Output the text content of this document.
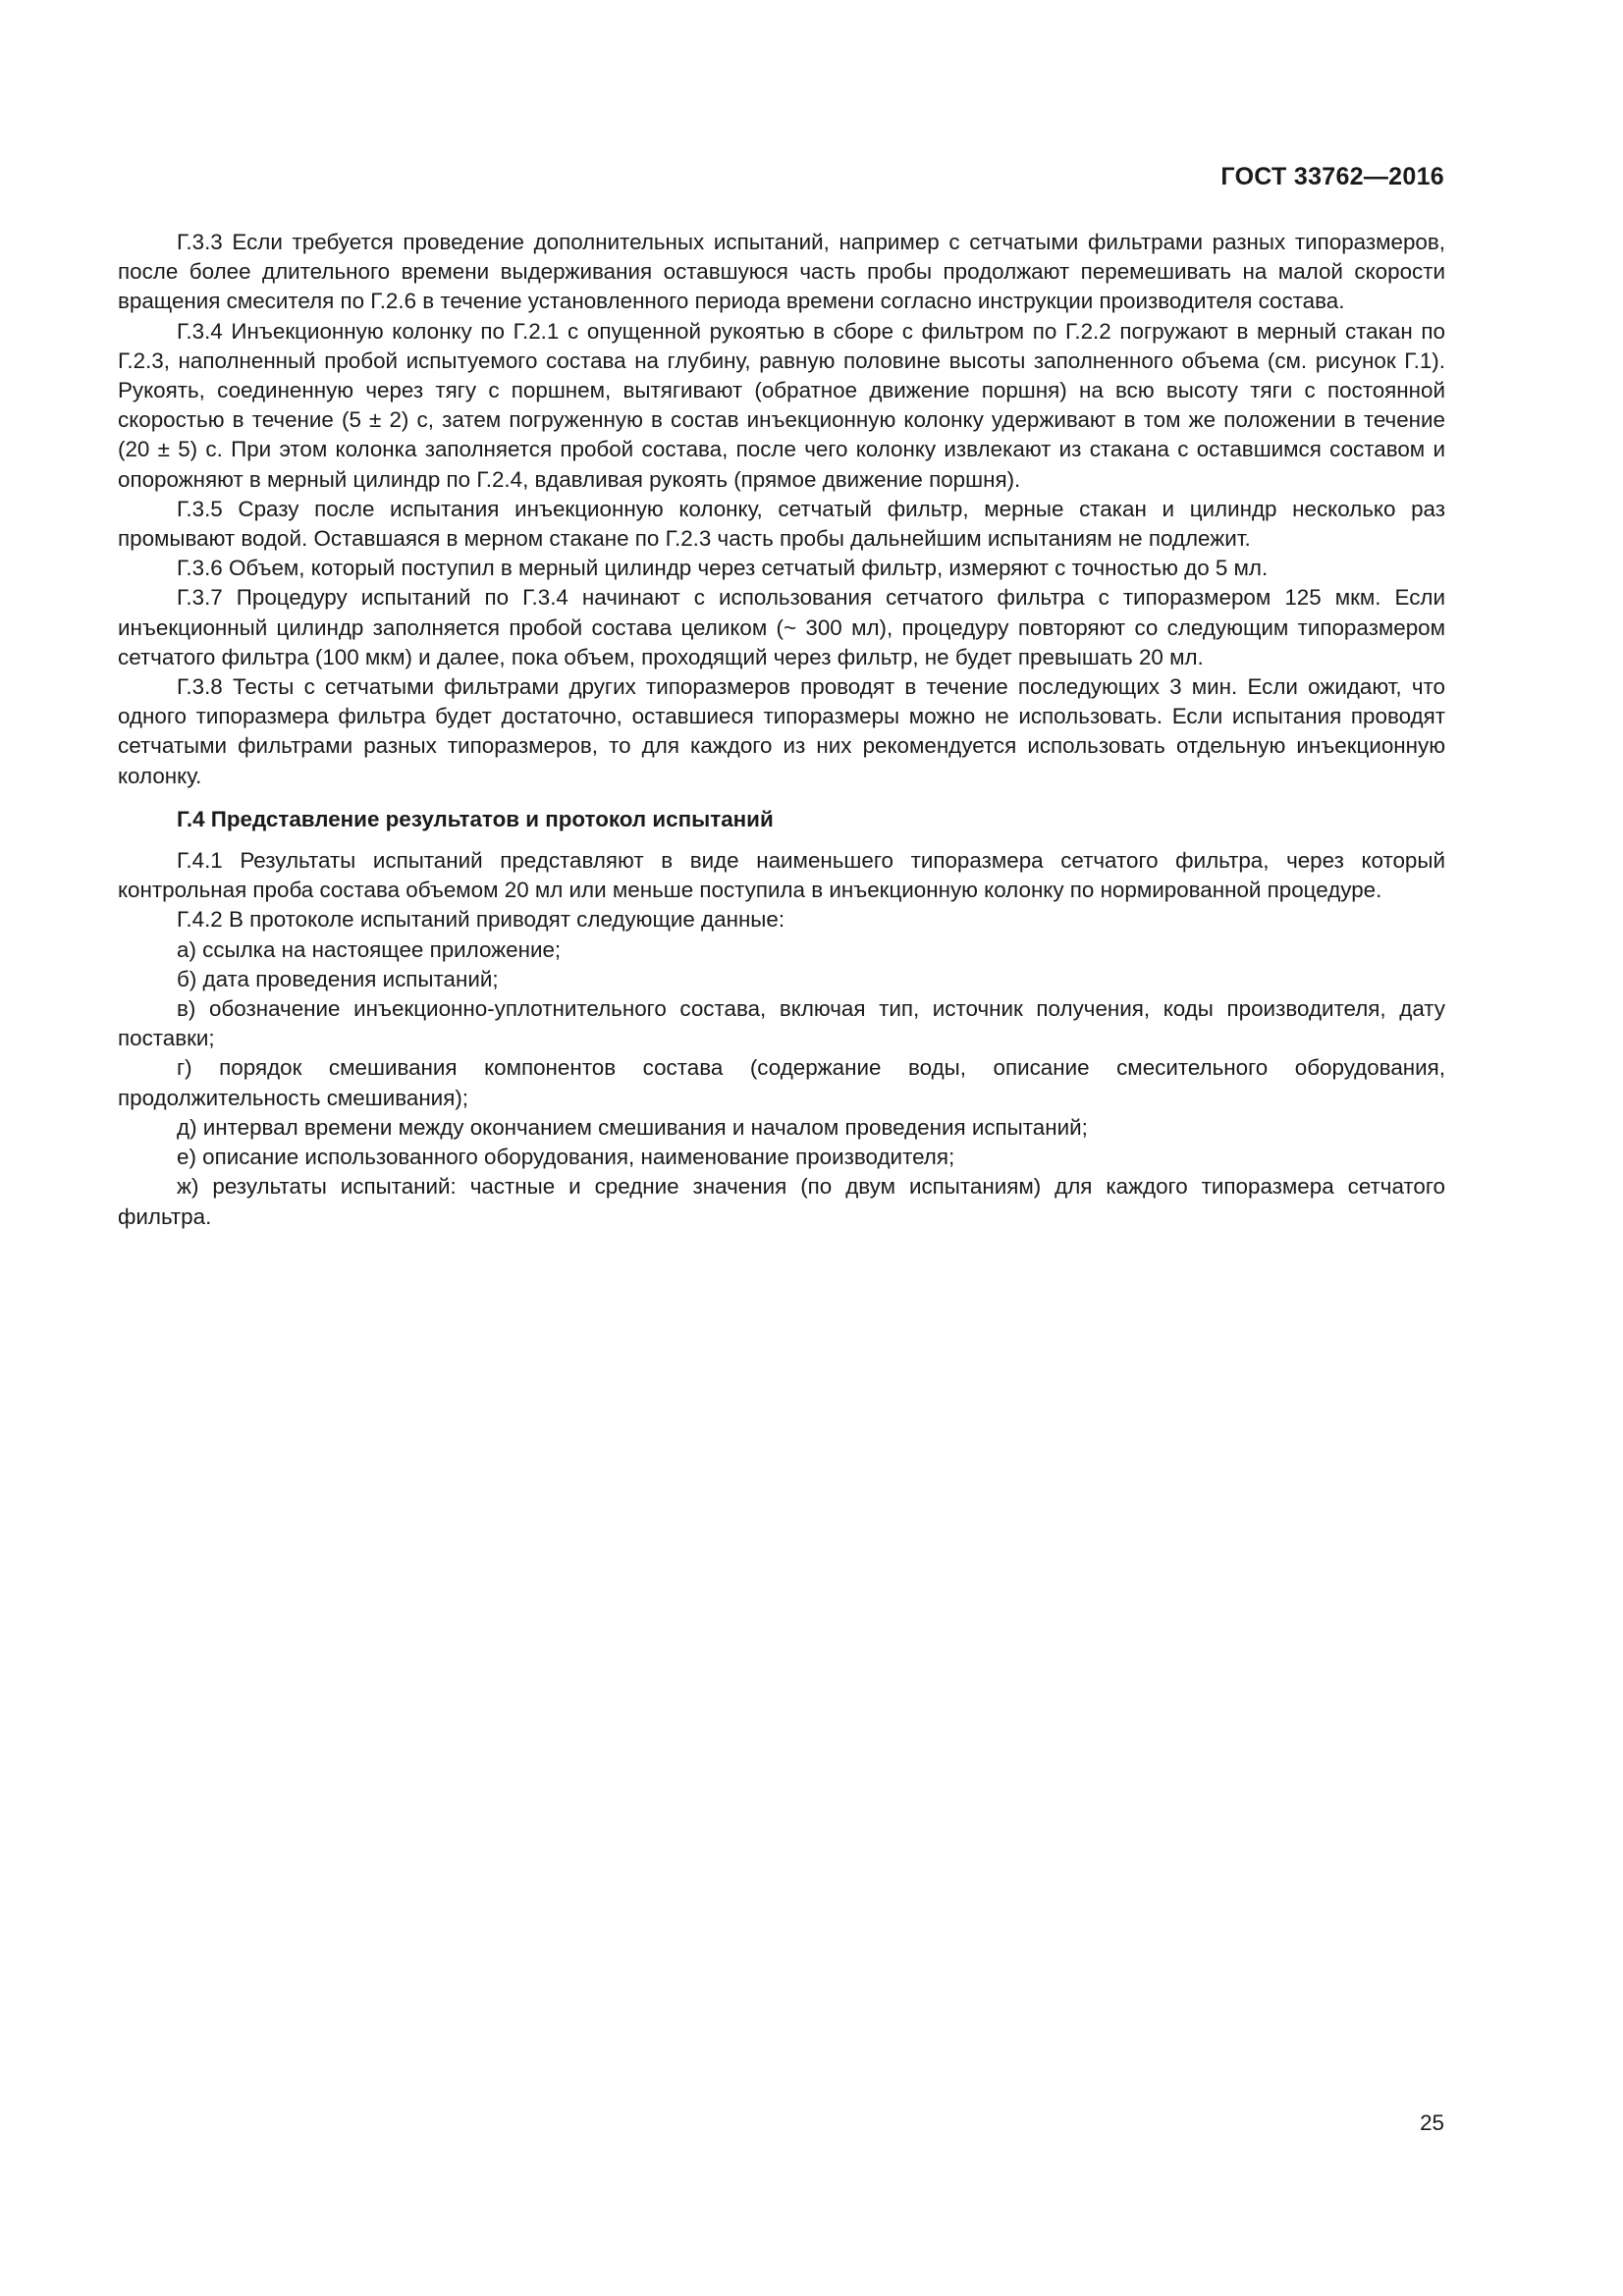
ГОСТ 33762—2016

Г.3.3 Если требуется проведение дополнительных испытаний, например с сетчатыми фильтрами разных типоразмеров, после более длительного времени выдерживания оставшуюся часть пробы продолжают перемешивать на малой скорости вращения смесителя по Г.2.6 в течение установленного периода времени согласно инструкции производителя состава.

Г.3.4 Инъекционную колонку по Г.2.1 с опущенной рукоятью в сборе с фильтром по Г.2.2 погружают в мерный стакан по Г.2.3, наполненный пробой испытуемого состава на глубину, равную половине высоты заполненного объема (см. рисунок Г.1). Рукоять, соединенную через тягу с поршнем, вытягивают (обратное движение поршня) на всю высоту тяги с постоянной скоростью в течение (5 ± 2) с, затем погруженную в состав инъекционную колонку удерживают в том же положении в течение (20 ± 5) с. При этом колонка заполняется пробой состава, после чего колонку извлекают из стакана с оставшимся составом и опорожняют в мерный цилиндр по Г.2.4, вдавливая рукоять (прямое движение поршня).

Г.3.5 Сразу после испытания инъекционную колонку, сетчатый фильтр, мерные стакан и цилиндр несколько раз промывают водой. Оставшаяся в мерном стакане по Г.2.3 часть пробы дальнейшим испытаниям не подлежит.

Г.3.6 Объем, который поступил в мерный цилиндр через сетчатый фильтр, измеряют с точностью до 5 мл.

Г.3.7 Процедуру испытаний по Г.3.4 начинают с использования сетчатого фильтра с типоразмером 125 мкм. Если инъекционный цилиндр заполняется пробой состава целиком (~ 300 мл), процедуру повторяют со следующим типоразмером сетчатого фильтра (100 мкм) и далее, пока объем, проходящий через фильтр, не будет превышать 20 мл.

Г.3.8 Тесты с сетчатыми фильтрами других типоразмеров проводят в течение последующих 3 мин. Если ожидают, что одного типоразмера фильтра будет достаточно, оставшиеся типоразмеры можно не использовать. Если испытания проводят сетчатыми фильтрами разных типоразмеров, то для каждого из них рекомендуется использовать отдельную инъекционную колонку.

Г.4 Представление результатов и протокол испытаний

Г.4.1 Результаты испытаний представляют в виде наименьшего типоразмера сетчатого фильтра, через который контрольная проба состава объемом 20 мл или меньше поступила в инъекционную колонку по нормированной процедуре.

Г.4.2 В протоколе испытаний приводят следующие данные:

а) ссылка на настоящее приложение;

б) дата проведения испытаний;

в) обозначение инъекционно-уплотнительного состава, включая тип, источник получения, коды производителя, дату поставки;

г) порядок смешивания компонентов состава (содержание воды, описание смесительного оборудования, продолжительность смешивания);

д) интервал времени между окончанием смешивания и началом проведения испытаний;

е) описание использованного оборудования, наименование производителя;

ж) результаты испытаний: частные и средние значения (по двум испытаниям) для каждого типоразмера сетчатого фильтра.

25
